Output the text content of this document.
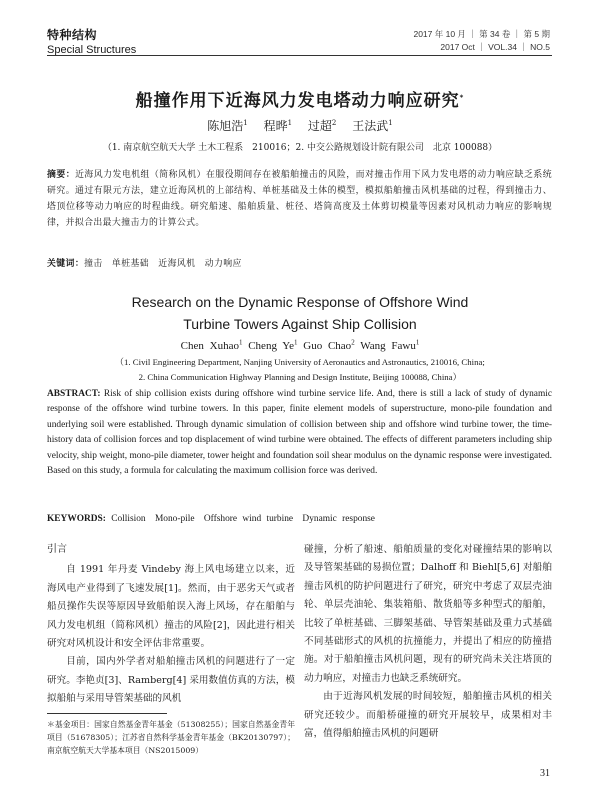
特种结构
Special Structures
2017 年 10 月 ｜ 第 34 卷 ｜ 第 5 期
2017 Oct ｜ VOL.34 ｜ NO.5
船撞作用下近海风力发电塔动力响应研究*
陈旭浩$^1$ 程晔$^1$ 过超$^2$ 王法武$^1$
（1. 南京航空航天大学 土木工程系　210016；2. 中交公路规划设计院有限公司　北京 100088）
摘要：近海风力发电机组（简称风机）在服役期间存在被船舶撞击的风险，而对撞击作用下风力发电塔的动力响应缺乏系统研究。通过有限元方法，建立近海风机的上部结构、单桩基础及土体的模型，模拟船舶撞击风机基础的过程，得到撞击力、塔顶位移等动力响应的时程曲线。研究船速、船舶质量、桩径、塔筒高度及土体剪切模量等因素对风机动力响应的影响规律，并拟合出最大撞击力的计算公式。
关键词：撞击　单桩基础　近海风机　动力响应
Research on the Dynamic Response of Offshore Wind
Turbine Towers Against Ship Collision
Chen Xuhao$^1$ Cheng Ye$^1$ Guo Chao$^2$ Wang Fawu$^1$
（1. Civil Engineering Department, Nanjing University of Aeronautics and Astronautics, 210016, China;
2. China Communication Highway Planning and Design Institute, Beijing 100088, China）
ABSTRACT: Risk of ship collision exists during offshore wind turbine service life. And, there is still a lack of study of dynamic response of the offshore wind turbine towers. In this paper, finite element models of superstructure, mono-pile foundation and underlying soil were established. Through dynamic simulation of collision between ship and offshore wind turbine tower, the time-history data of collision forces and top displacement of wind turbine were obtained. The effects of different parameters including ship velocity, ship weight, mono-pile diameter, tower height and foundation soil shear modulus on the dynamic response were investigated. Based on this study, a formula for calculating the maximum collision force was derived.
KEYWORDS: Collision　Mono-pile　Offshore wind turbine　Dynamic response
引言

自 1991 年丹麦 Vindeby 海上风电场建立以来，近海风电产业得到了飞速发展[1]。然而，由于恶劣天气或者船员操作失误等原因导致船舶误入海上风场，存在船舶与风力发电机组（简称风机）撞击的风险[2]，因此进行相关研究对风机设计和安全评估非常重要。

目前，国内外学者对船舶撞击风机的问题进行了一定研究。李艳贞[3]、Ramberg[4] 采用数值仿真的方法，模拟船舶与采用导管架基础的风机

＊基金项目：国家自然基金青年基金（51308255）；国家自然基金青年项目（51678305）；江苏省自然科学基金青年基金（BK20130797）；南京航空航天大学基本项目（NS2015009）

碰撞，分析了船速、船舶质量的变化对碰撞结果的影响以及导管架基础的易损位置；Dalhoff 和 Biehl[5,6] 对船舶撞击风机的防护问题进行了研究，研究中考虑了双层壳油轮、单层壳油轮、集装箱船、散货船等多种型式的船舶，比较了单桩基础、三脚架基础、导管架基础及重力式基础不同基础形式的风机的抗撞能力，并提出了相应的防撞措施。对于船舶撞击风机问题，现有的研究尚未关注塔顶的动力响应，对撞击力也缺乏系统研究。

由于近海风机发展的时间较短，船舶撞击风机的相关研究还较少。而船桥碰撞的研究开展较早，成果相对丰富，值得船舶撞击风机的问题研

31
